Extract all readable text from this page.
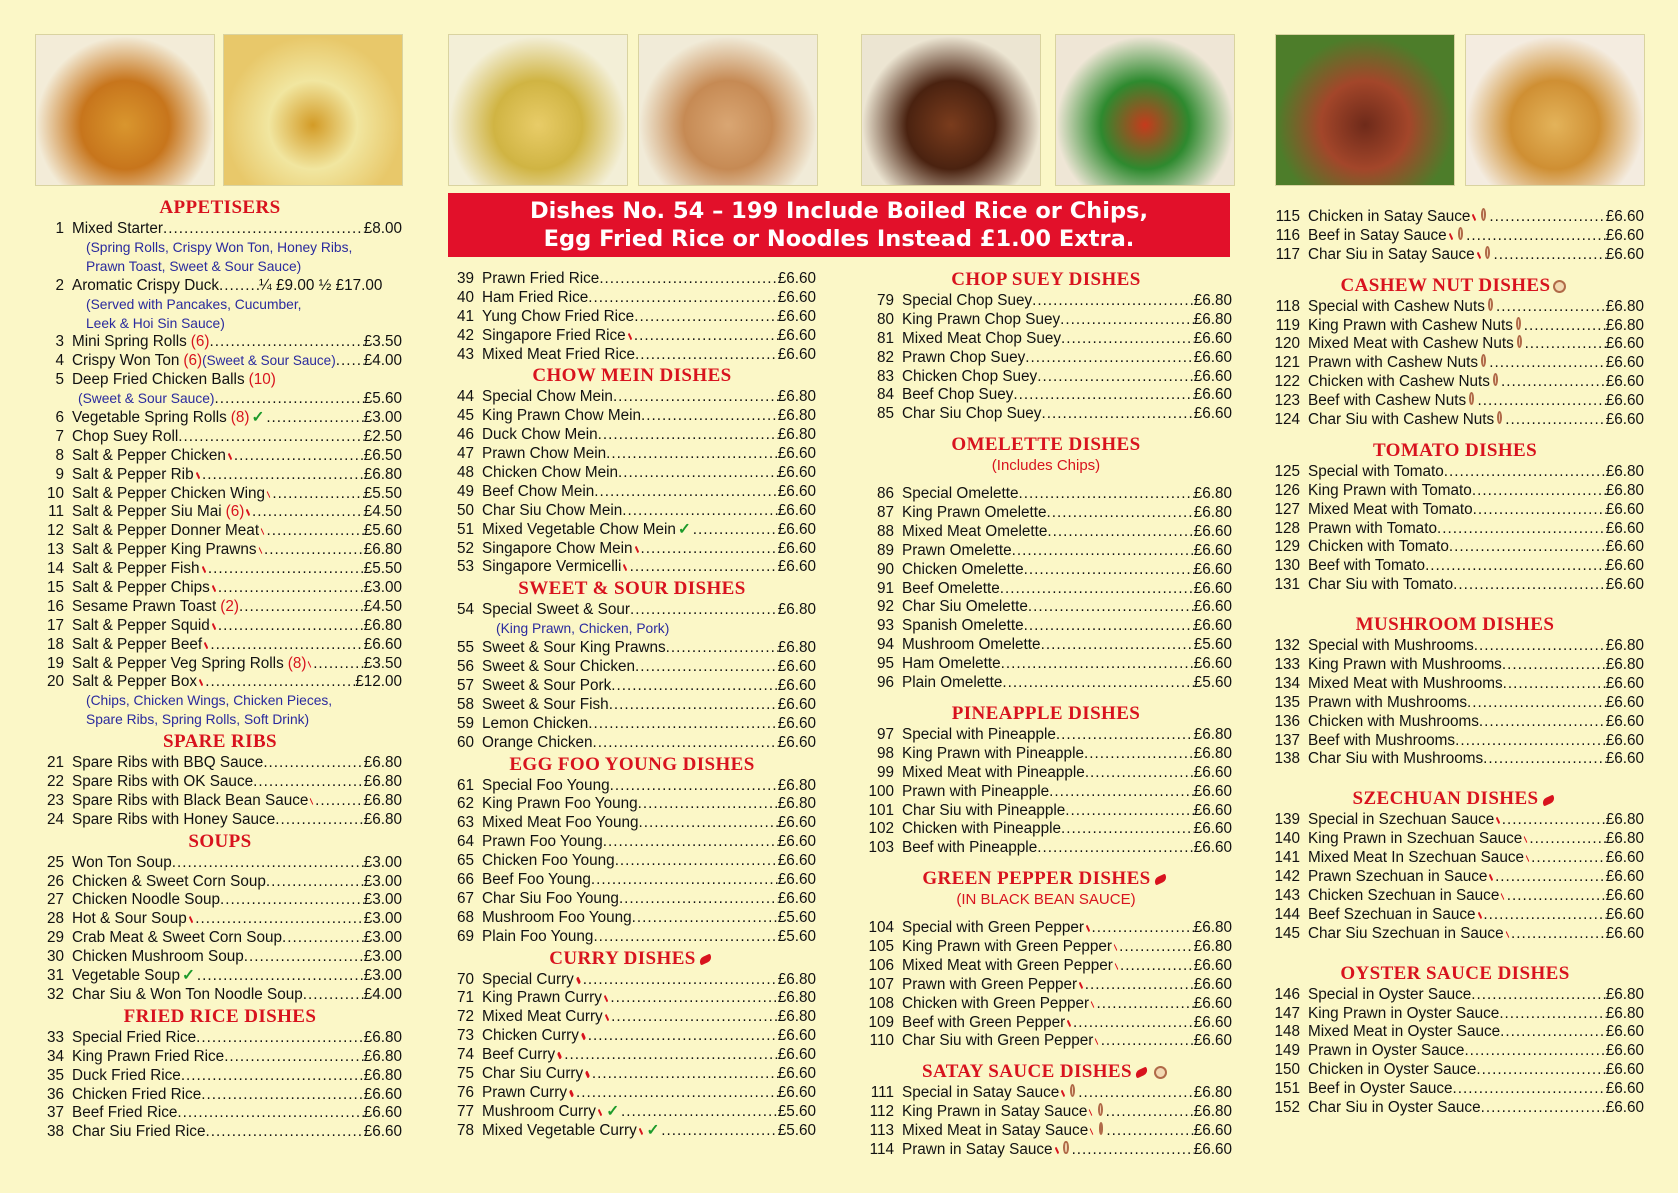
Dishes No. 54 – 199 Include Boiled Rice or Chips,
Egg Fried Rice or Noodles Instead £1.00 Extra.
APPETISERS
1 Mixed Starter .....	£8.00
(Spring Rolls, Crispy Won Ton, Honey Ribs,
Prawn Toast, Sweet & Sour Sauce)
2 Aromatic Crispy Duck .....	¼ £9.00 ½ £17.00
(Served with Pancakes, Cucumber,
Leek & Hoi Sin Sauce)
3 Mini Spring Rolls (6) .....	£3.50
4 Crispy Won Ton (6) (Sweet & Sour Sauce) ..... £4.00
5 Deep Fried Chicken Balls (10)
(Sweet & Sour Sauce) .....	£5.60
6 Vegetable Spring Rolls (8) ✓ .....	£3.00
7 Chop Suey Roll .....	£2.50
8 Salt & Pepper Chicken .....	£6.50
9 Salt & Pepper Rib .....	£6.80
10 Salt & Pepper Chicken Wing .....	£5.50
11 Salt & Pepper Siu Mai (6) .....	£4.50
12 Salt & Pepper Donner Meat .....	£5.60
13 Salt & Pepper King Prawns .....	£6.80
14 Salt & Pepper Fish .....	£5.50
15 Salt & Pepper Chips .....	£3.00
16 Sesame Prawn Toast (2) .....	£4.50
17 Salt & Pepper Squid .....	£6.80
18 Salt & Pepper Beef .....	£6.60
19 Salt & Pepper Veg Spring Rolls (8) .....	£3.50
20 Salt & Pepper Box .....	£12.00
(Chips, Chicken Wings, Chicken Pieces,
Spare Ribs, Spring Rolls, Soft Drink)
SPARE RIBS
21 Spare Ribs with BBQ Sauce .....	£6.80
22 Spare Ribs with OK Sauce .....	£6.80
23 Spare Ribs with Black Bean Sauce .....	£6.80
24 Spare Ribs with Honey Sauce .....	£6.80
SOUPS
25 Won Ton Soup .....	£3.00
26 Chicken & Sweet Corn Soup .....	£3.00
27 Chicken Noodle Soup .....	£3.00
28 Hot & Sour Soup .....	£3.00
29 Crab Meat & Sweet Corn Soup .....	£3.00
30 Chicken Mushroom Soup .....	£3.00
31 Vegetable Soup ✓ .....	£3.00
32 Char Siu & Won Ton Noodle Soup .....	£4.00
FRIED RICE DISHES
33 Special Fried Rice .....	£6.80
34 King Prawn Fried Rice .....	£6.80
35 Duck Fried Rice .....	£6.80
36 Chicken Fried Rice .....	£6.60
37 Beef Fried Rice .....	£6.60
38 Char Siu Fried Rice .....	£6.60
39 Prawn Fried Rice .....	£6.60
40 Ham Fried Rice .....	£6.60
41 Yung Chow Fried Rice .....	£6.60
42 Singapore Fried Rice .....	£6.60
43 Mixed Meat Fried Rice .....	£6.60
CHOW MEIN DISHES
44 Special Chow Mein .....	£6.80
45 King Prawn Chow Mein .....	£6.80
46 Duck Chow Mein .....	£6.80
47 Prawn Chow Mein .....	£6.60
48 Chicken Chow Mein .....	£6.60
49 Beef Chow Mein .....	£6.60
50 Char Siu Chow Mein .....	£6.60
51 Mixed Vegetable Chow Mein ✓ .....	£6.60
52 Singapore Chow Mein .....	£6.60
53 Singapore Vermicelli .....	£6.60
SWEET & SOUR DISHES
54 Special Sweet & Sour .....	£6.80
(King Prawn, Chicken, Pork)
55 Sweet & Sour King Prawns .....	£6.80
56 Sweet & Sour Chicken .....	£6.60
57 Sweet & Sour Pork .....	£6.60
58 Sweet & Sour Fish .....	£6.60
59 Lemon Chicken .....	£6.60
60 Orange Chicken .....	£6.60
EGG FOO YOUNG DISHES
61 Special Foo Young .....	£6.80
62 King Prawn Foo Young .....	£6.80
63 Mixed Meat Foo Young .....	£6.60
64 Prawn Foo Young .....	£6.60
65 Chicken Foo Young .....	£6.60
66 Beef Foo Young .....	£6.60
67 Char Siu Foo Young .....	£6.60
68 Mushroom Foo Young .....	£5.60
69 Plain Foo Young .....	£5.60
CURRY DISHES
70 Special Curry .....	£6.80
71 King Prawn Curry .....	£6.80
72 Mixed Meat Curry .....	£6.80
73 Chicken Curry .....	£6.60
74 Beef Curry .....	£6.60
75 Char Siu Curry .....	£6.60
76 Prawn Curry .....	£6.60
77 Mushroom Curry ✓ .....	£5.60
78 Mixed Vegetable Curry ✓ .....	£5.60
CHOP SUEY DISHES
79 Special Chop Suey .....	£6.80
80 King Prawn Chop Suey .....	£6.80
81 Mixed Meat Chop Suey .....	£6.60
82 Prawn Chop Suey .....	£6.60
83 Chicken Chop Suey .....	£6.60
84 Beef Chop Suey .....	£6.60
85 Char Siu Chop Suey .....	£6.60
OMELETTE DISHES
(Includes Chips)
86 Special Omelette .....	£6.80
87 King Prawn Omelette .....	£6.80
88 Mixed Meat Omelette .....	£6.60
89 Prawn Omelette .....	£6.60
90 Chicken Omelette .....	£6.60
91 Beef Omelette .....	£6.60
92 Char Siu Omelette .....	£6.60
93 Spanish Omelette .....	£6.60
94 Mushroom Omelette .....	£5.60
95 Ham Omelette .....	£6.60
96 Plain Omelette .....	£5.60
PINEAPPLE DISHES
97 Special with Pineapple .....	£6.80
98 King Prawn with Pineapple .....	£6.80
99 Mixed Meat with Pineapple .....	£6.60
100 Prawn with Pineapple .....	£6.60
101 Char Siu with Pineapple .....	£6.60
102 Chicken with Pineapple .....	£6.60
103 Beef with Pineapple .....	£6.60
GREEN PEPPER DISHES
(IN BLACK BEAN SAUCE)
104 Special with Green Pepper .....	£6.80
105 King Prawn with Green Pepper .....	£6.80
106 Mixed Meat with Green Pepper .....	£6.60
107 Prawn with Green Pepper .....	£6.60
108 Chicken with Green Pepper .....	£6.60
109 Beef with Green Pepper .....	£6.60
110 Char Siu with Green Pepper .....	£6.60
SATAY SAUCE DISHES
111 Special in Satay Sauce .....	£6.80
112 King Prawn in Satay Sauce .....	£6.80
113 Mixed Meat in Satay Sauce .....	£6.60
114 Prawn in Satay Sauce .....	£6.60
115 Chicken in Satay Sauce .....	£6.60
116 Beef in Satay Sauce .....	£6.60
117 Char Siu in Satay Sauce .....	£6.60
CASHEW NUT DISHES
118 Special with Cashew Nuts .....	£6.80
119 King Prawn with Cashew Nuts .....	£6.80
120 Mixed Meat with Cashew Nuts .....	£6.60
121 Prawn with Cashew Nuts .....	£6.60
122 Chicken with Cashew Nuts .....	£6.60
123 Beef with Cashew Nuts .....	£6.60
124 Char Siu with Cashew Nuts .....	£6.60
TOMATO DISHES
125 Special with Tomato .....	£6.80
126 King Prawn with Tomato .....	£6.80
127 Mixed Meat with Tomato .....	£6.60
128 Prawn with Tomato .....	£6.60
129 Chicken with Tomato .....	£6.60
130 Beef with Tomato .....	£6.60
131 Char Siu with Tomato .....	£6.60
MUSHROOM DISHES
132 Special with Mushrooms .....	£6.80
133 King Prawn with Mushrooms .....	£6.80
134 Mixed Meat with Mushrooms .....	£6.60
135 Prawn with Mushrooms .....	£6.60
136 Chicken with Mushrooms .....	£6.60
137 Beef with Mushrooms .....	£6.60
138 Char Siu with Mushrooms .....	£6.60
SZECHUAN DISHES
139 Special in Szechuan Sauce .....	£6.80
140 King Prawn in Szechuan Sauce .....	£6.80
141 Mixed Meat In Szechuan Sauce .....	£6.60
142 Prawn Szechuan in Sauce .....	£6.60
143 Chicken Szechuan in Sauce .....	£6.60
144 Beef Szechuan in Sauce .....	£6.60
145 Char Siu Szechuan in Sauce .....	£6.60
OYSTER SAUCE DISHES
146 Special in Oyster Sauce .....	£6.80
147 King Prawn in Oyster Sauce .....	£6.80
148 Mixed Meat in Oyster Sauce .....	£6.60
149 Prawn in Oyster Sauce .....	£6.60
150 Chicken in Oyster Sauce .....	£6.60
151 Beef in Oyster Sauce .....	£6.60
152 Char Siu in Oyster Sauce .....	£6.60
